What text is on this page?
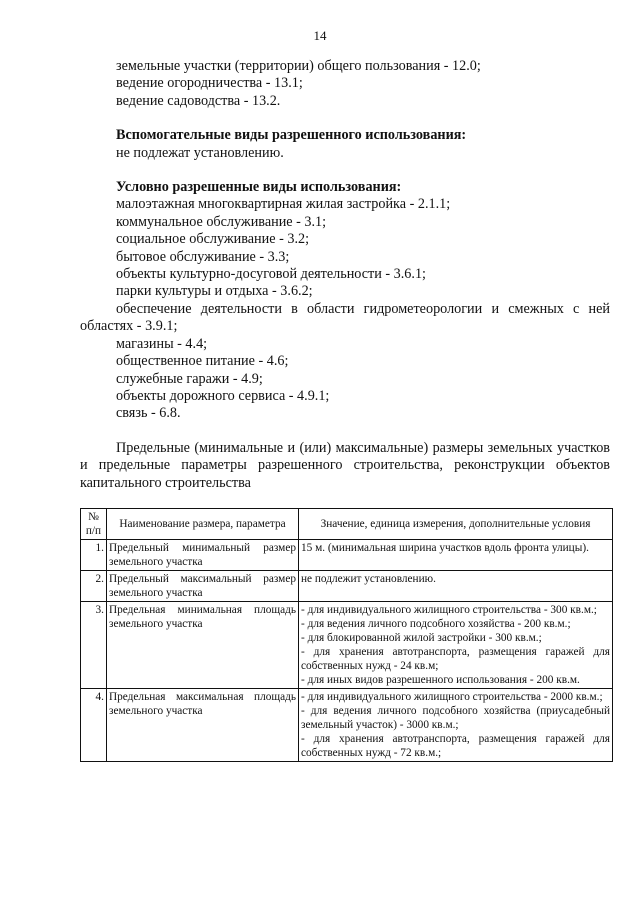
14
земельные участки (территории) общего пользования - 12.0;
ведение огородничества - 13.1;
ведение садоводства - 13.2.
Вспомогательные виды разрешенного использования:
не подлежат установлению.
Условно разрешенные виды использования:
малоэтажная многоквартирная жилая застройка - 2.1.1;
коммунальное обслуживание - 3.1;
социальное обслуживание - 3.2;
бытовое обслуживание - 3.3;
объекты культурно-досуговой деятельности - 3.6.1;
парки культуры и отдыха - 3.6.2;
обеспечение деятельности в области гидрометеорологии и смежных с ней
областях - 3.9.1;
магазины - 4.4;
общественное питание - 4.6;
служебные гаражи - 4.9;
объекты дорожного сервиса - 4.9.1;
связь - 6.8.
Предельные (минимальные и (или) максимальные) размеры земельных участков и предельные параметры разрешенного строительства, реконструкции объектов капитального строительства
№ п/п	Наименование размера, параметра	Значение, единица измерения, дополнительные условия
1.	Предельный минимальный размер земельного участка	15 м. (минимальная ширина участков вдоль фронта улицы).

2.	Предельный максимальный размер земельного участка	не подлежит установлению.

3.	Предельная минимальная площадь земельного участка	- для индивидуального жилищного строительства - 300 кв.м.;
- для ведения личного подсобного хозяйства - 200 кв.м.;
- для блокированной жилой застройки - 300 кв.м.;
- для хранения автотранспорта, размещения гаражей для собственных нужд - 24 кв.м;
- для иных видов разрешенного использования - 200 кв.м.

4.	Предельная максимальная площадь земельного участка	- для индивидуального жилищного строительства - 2000 кв.м.;
- для ведения личного подсобного хозяйства (приусадебный земельный участок) - 3000 кв.м.;
- для хранения автотранспорта, размещения гаражей для собственных нужд - 72 кв.м.;
